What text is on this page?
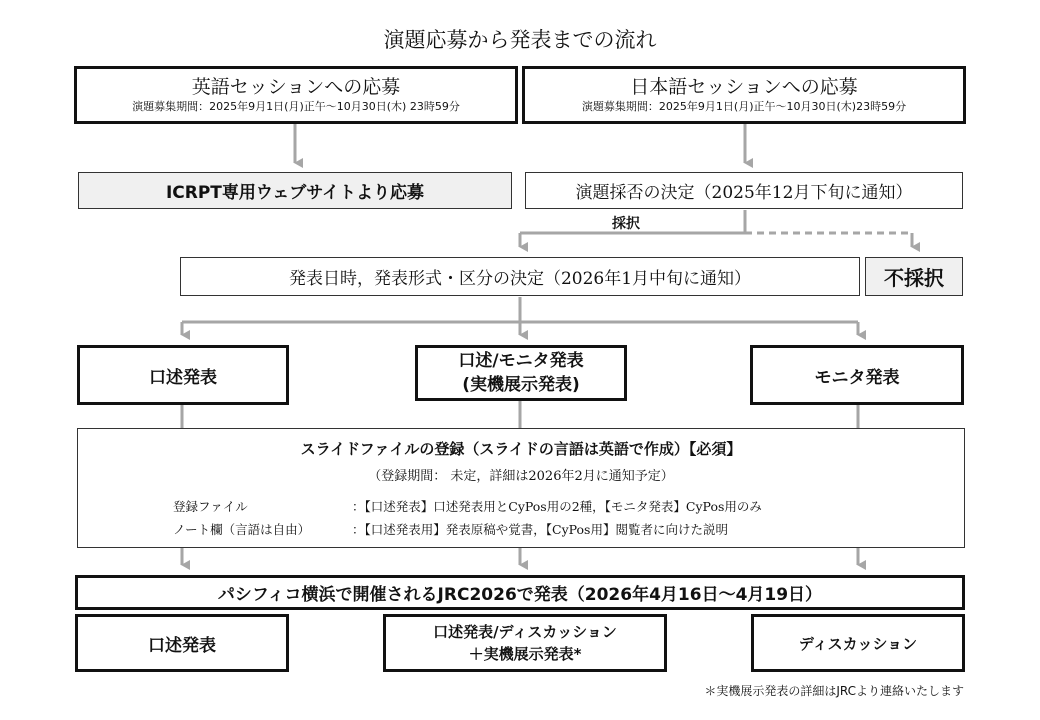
演題応募から発表までの流れ
英語セッションへの応募
演題募集期間：2025年9月1日(月)正午～10月30日(木) 23時59分
日本語セッションへの応募
演題募集期間：2025年9月1日(月)正午～10月30日(木)23時59分
ICRPT専用ウェブサイトより応募	演題採否の決定（2025年12月下旬に通知）
採択
発表日時，発表形式・区分の決定（2026年1月中旬に通知）	不採択
口述発表
口述/モニタ発表
(実機展示発表)	モニタ発表
スライドファイルの登録（スライドの言語は英語で作成）【必須】
（登録期間： 未定，詳細は2026年2月に通知予定）
登録ファイル	：【口述発表】口述発表用とCyPos用の2種，【モニタ発表】CyPos用のみ
ノート欄（言語は自由）	：【口述発表用】発表原稿や覚書，【CyPos用】閲覧者に向けた説明
パシフィコ横浜で開催されるJRC2026で発表（2026年4月16日～4月19日）
口述発表
口述発表/ディスカッション
＋実機展示発表*
ディスカッション
＊実機展示発表の詳細はJRCより連絡いたします
